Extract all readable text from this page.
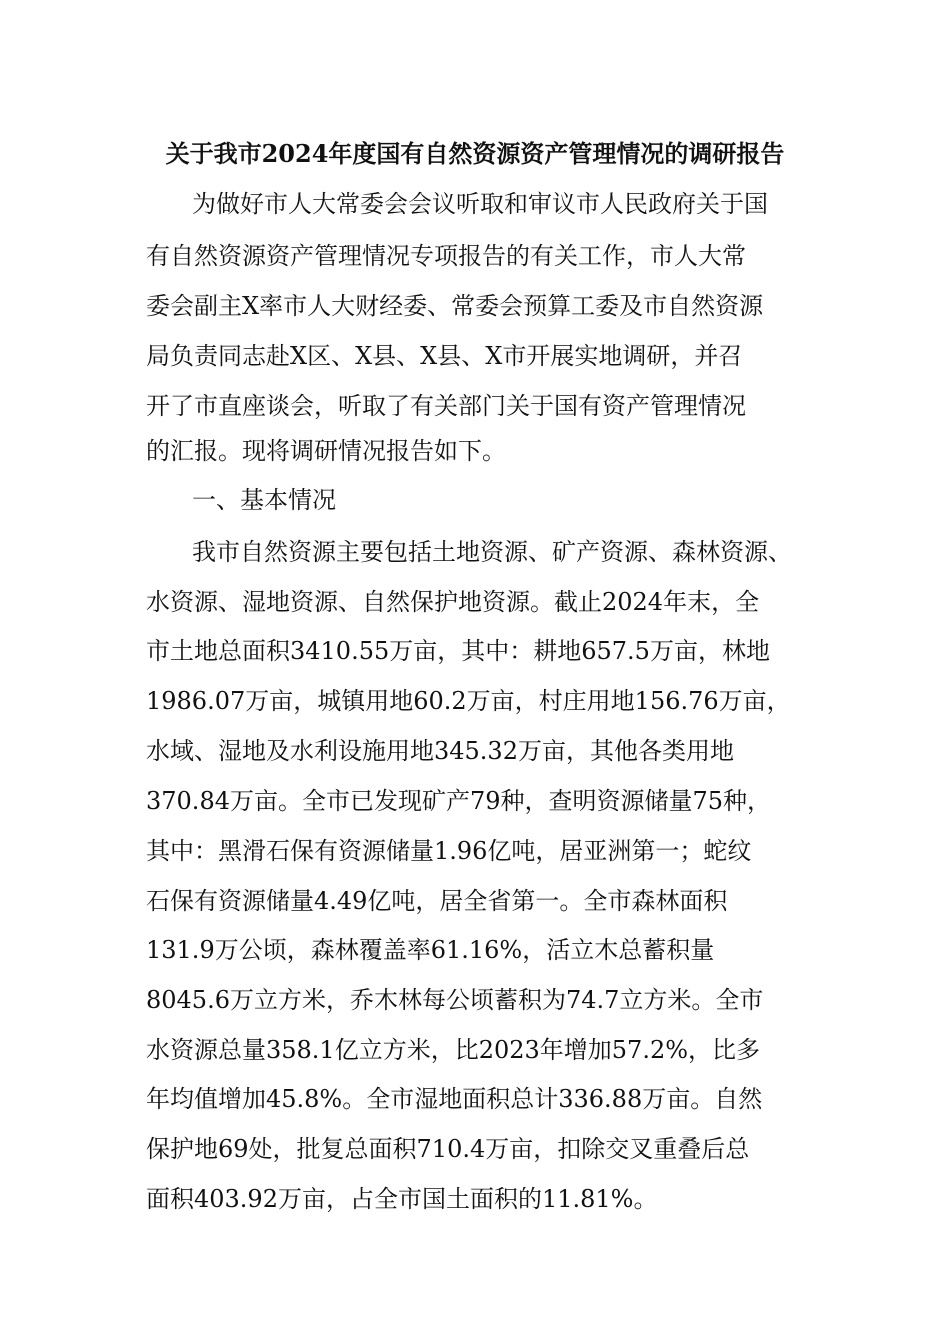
关于我市2024年度国有自然资源资产管理情况的调研报告
为做好市人大常委会会议听取和审议市人民政府关于国
有自然资源资产管理情况专项报告的有关工作，市人大常
委会副主X率市人大财经委、常委会预算工委及市自然资源
局负责同志赴X区、X县、X县、X市开展实地调研，并召
开了市直座谈会，听取了有关部门关于国有资产管理情况
的汇报。现将调研情况报告如下。
一、基本情况
我市自然资源主要包括土地资源、矿产资源、森林资源、
水资源、湿地资源、自然保护地资源。截止2024年末，全
市土地总面积3410.55万亩，其中：耕地657.5万亩，林地
1986.07万亩，城镇用地60.2万亩，村庄用地156.76万亩，
水域、湿地及水利设施用地345.32万亩，其他各类用地
370.84万亩。全市已发现矿产79种，查明资源储量75种，
其中：黑滑石保有资源储量1.96亿吨，居亚洲第一；蛇纹
石保有资源储量4.49亿吨，居全省第一。全市森林面积
131.9万公顷，森林覆盖率61.16%，活立木总蓄积量
8045.6万立方米，乔木林每公顷蓄积为74.7立方米。全市
水资源总量358.1亿立方米，比2023年增加57.2%，比多
年均值增加45.8%。全市湿地面积总计336.88万亩。自然
保护地69处，批复总面积710.4万亩，扣除交叉重叠后总
面积403.92万亩，占全市国土面积的11.81%。
